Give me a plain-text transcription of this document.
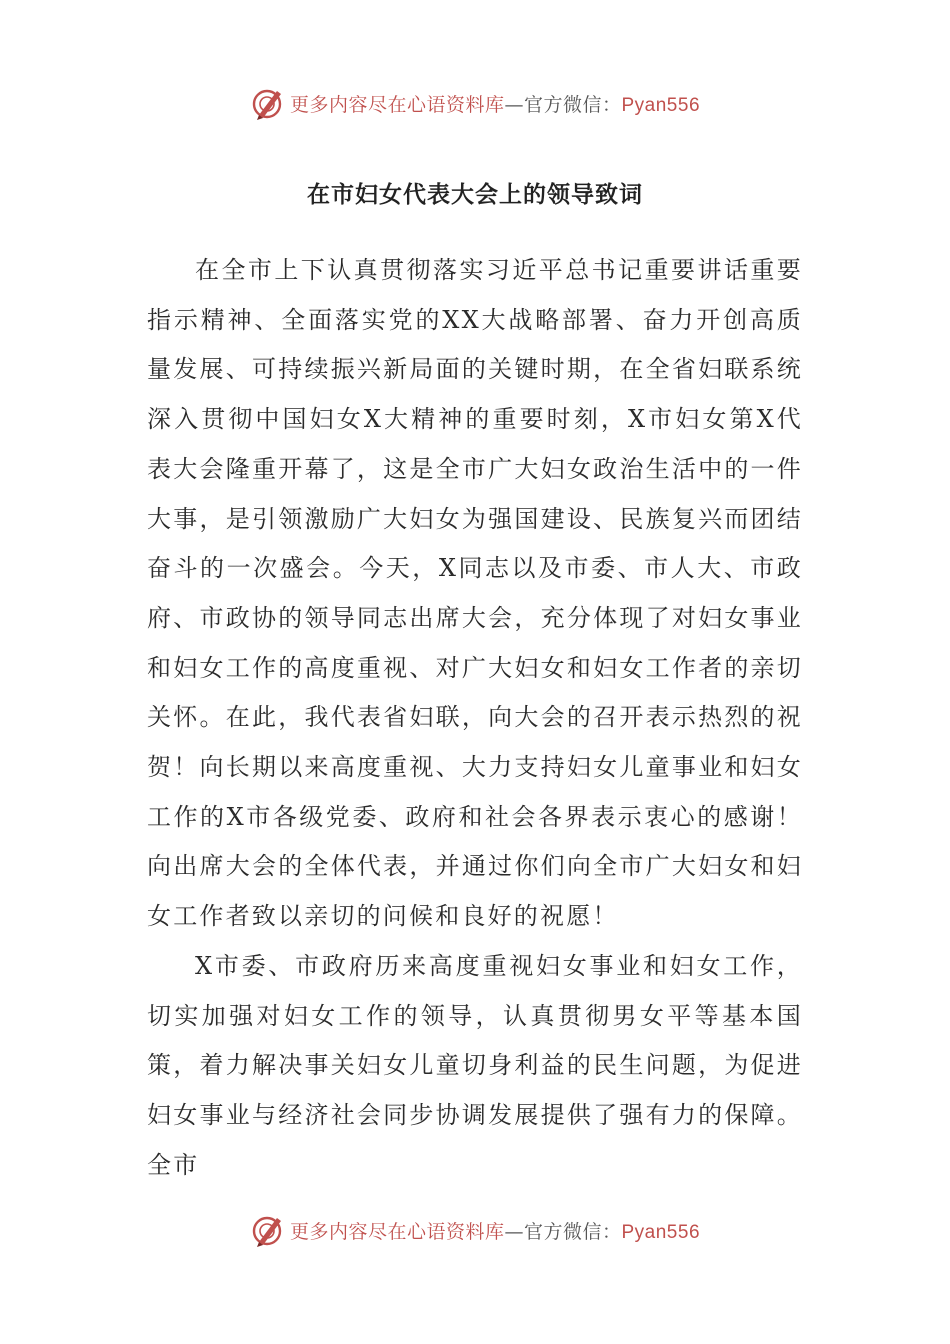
更多内容尽在心语资料库—官方微信：Pyan556
在市妇女代表大会上的领导致词

在全市上下认真贯彻落实习近平总书记重要讲话重要指示精神、全面落实党的XX大战略部署、奋力开创高质量发展、可持续振兴新局面的关键时期，在全省妇联系统深入贯彻中国妇女X大精神的重要时刻，X市妇女第X代表大会隆重开幕了，这是全市广大妇女政治生活中的一件大事，是引领激励广大妇女为强国建设、民族复兴而团结奋斗的一次盛会。今天，X同志以及市委、市人大、市政府、市政协的领导同志出席大会，充分体现了对妇女事业和妇女工作的高度重视、对广大妇女和妇女工作者的亲切关怀。在此，我代表省妇联，向大会的召开表示热烈的祝贺！向长期以来高度重视、大力支持妇女儿童事业和妇女工作的X市各级党委、政府和社会各界表示衷心的感谢！向出席大会的全体代表，并通过你们向全市广大妇女和妇女工作者致以亲切的问候和良好的祝愿！

X市委、市政府历来高度重视妇女事业和妇女工作，切实加强对妇女工作的领导，认真贯彻男女平等基本国策，着力解决事关妇女儿童切身利益的民生问题，为促进妇女事业与经济社会同步协调发展提供了强有力的保障。全市

更多内容尽在心语资料库—官方微信：Pyan556
